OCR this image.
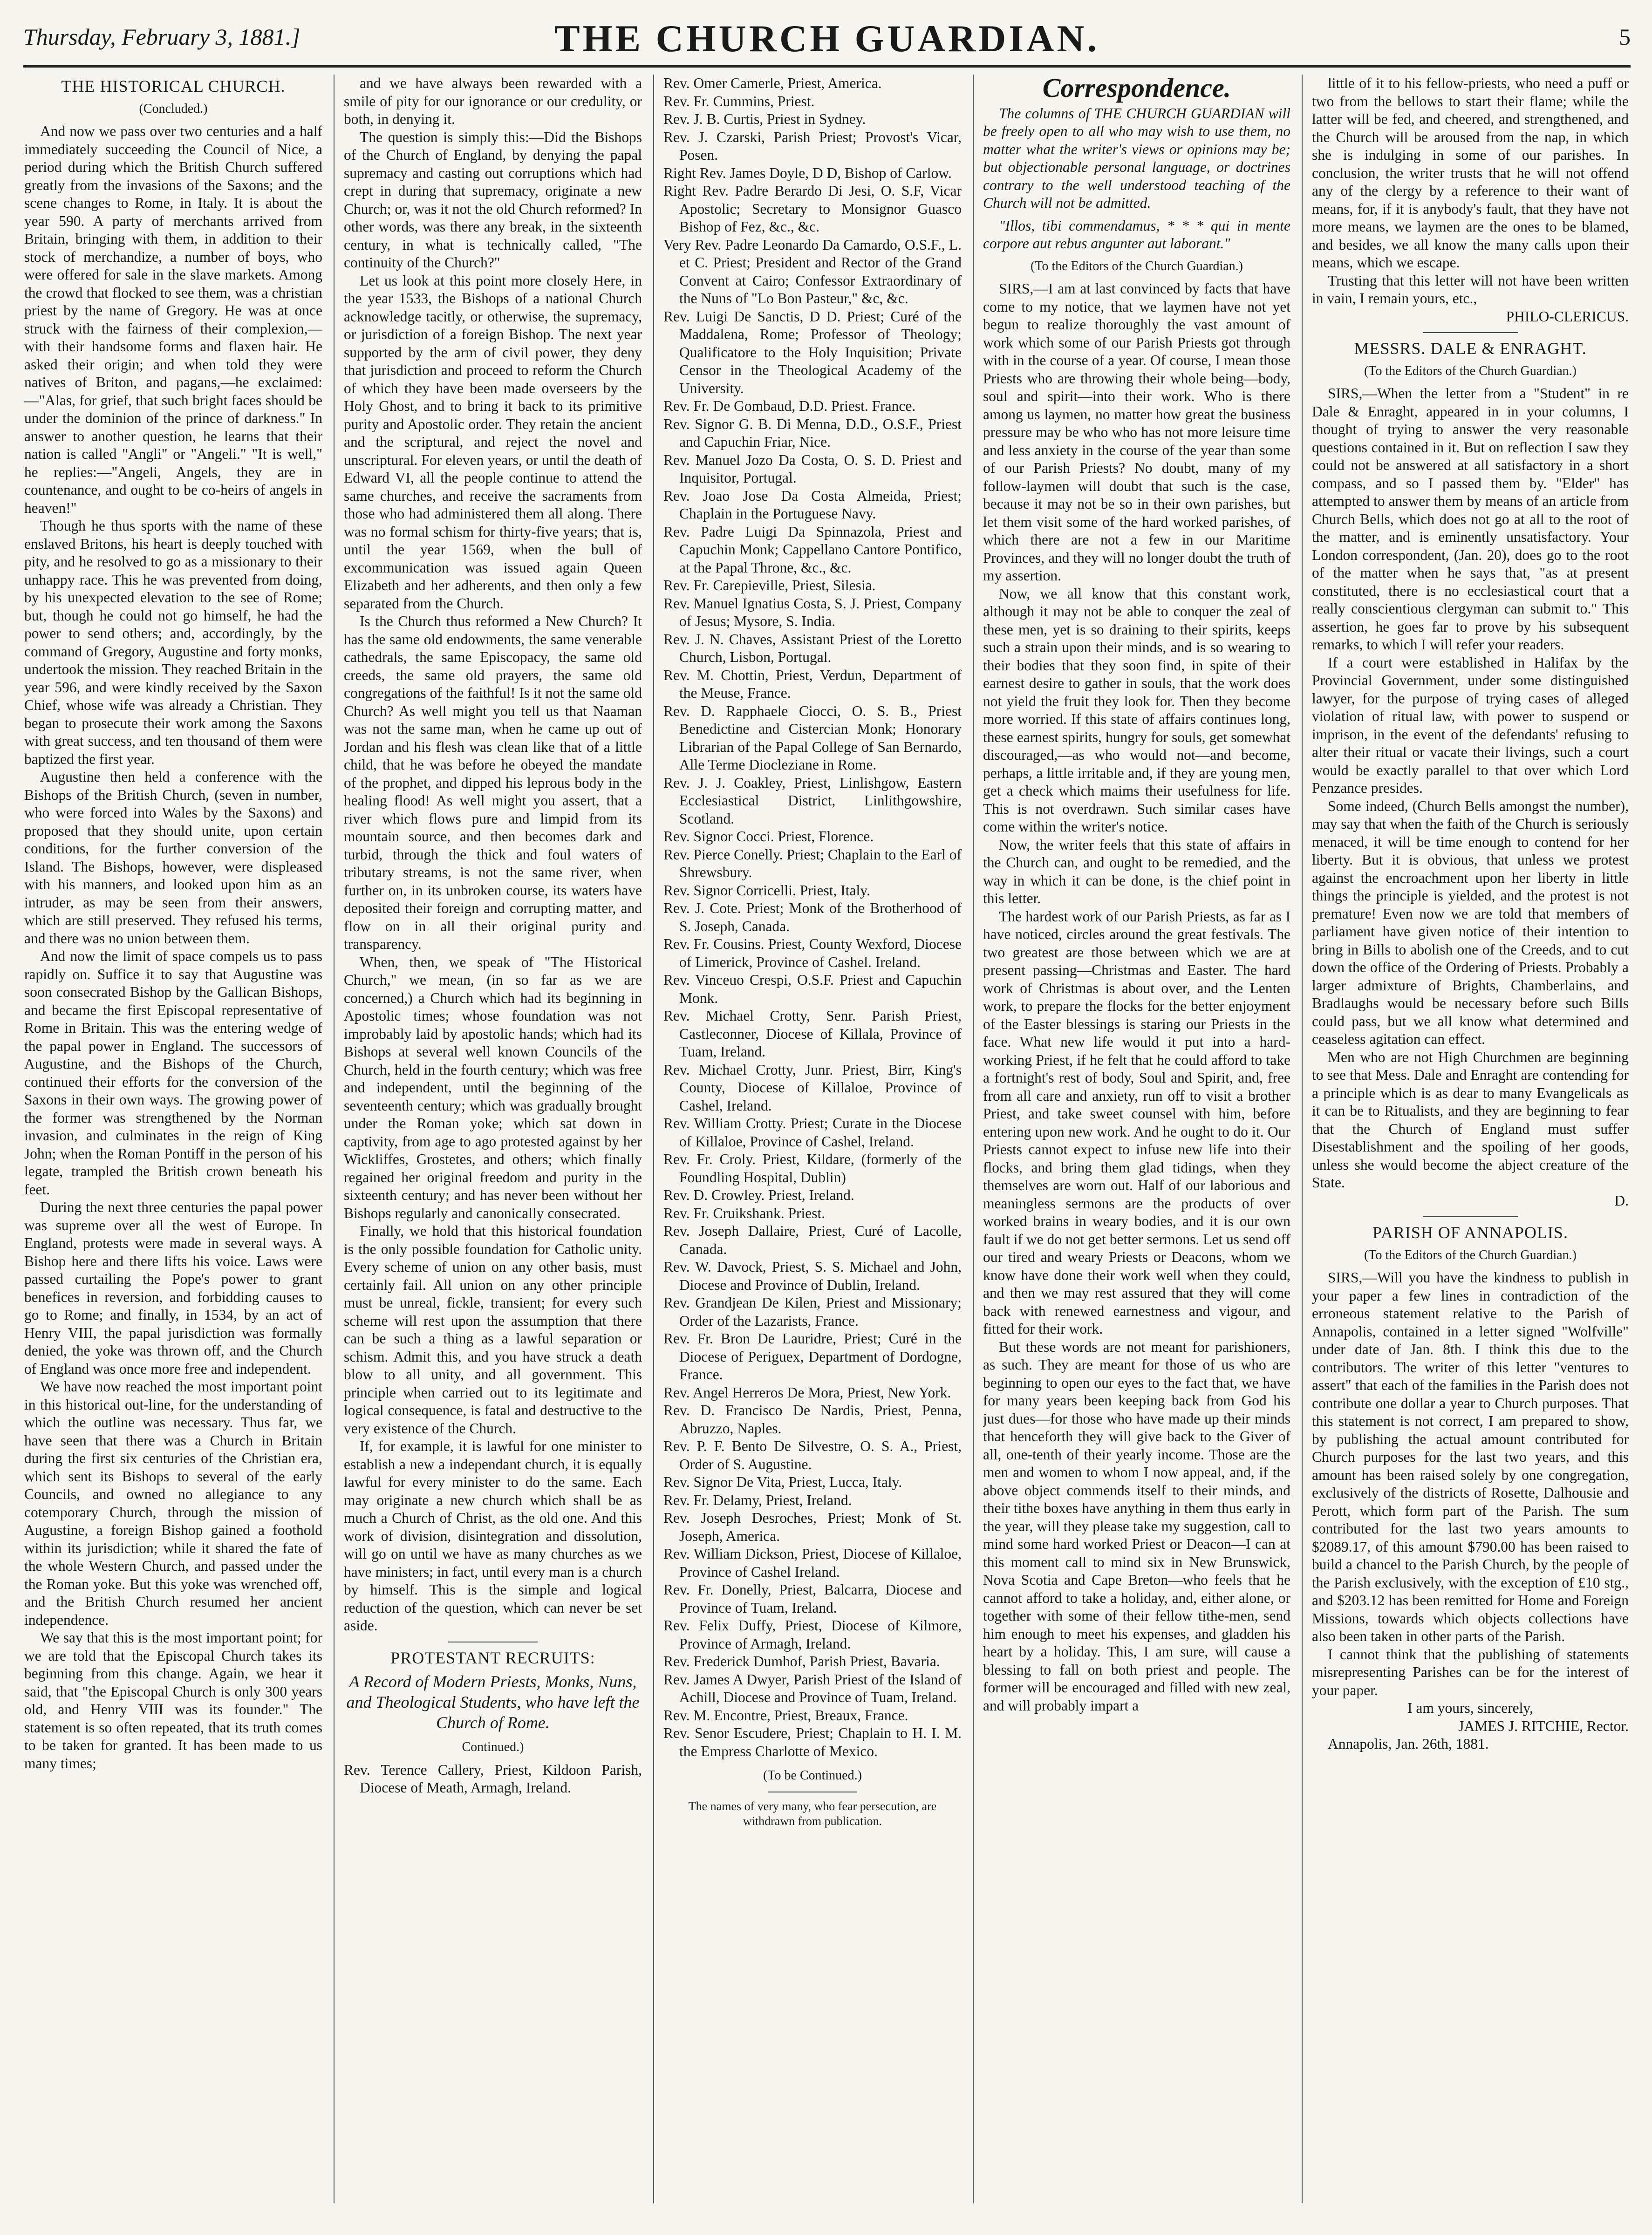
Thursday, February 3, 1881.]	THE CHURCH GUARDIAN.	5
THE HISTORICAL CHURCH.
(Concluded.)

And now we pass over two centuries and a half immediately succeeding the Council of Nice, a period during which the British Church suffered greatly from the invasions of the Saxons; and the scene changes to Rome, in Italy. It is about the year 590. A party of merchants arrived from Britain, bringing with them, in addition to their stock of merchandize, a number of boys, who were offered for sale in the slave markets. Among the crowd that flocked to see them, was a christian priest by the name of Gregory. He was at once struck with the fairness of their complexion,—with their handsome forms and flaxen hair. He asked their origin; and when told they were natives of Briton, and pagans,—he exclaimed:—"Alas, for grief, that such bright faces should be under the dominion of the prince of darkness." In answer to another question, he learns that their nation is called "Angli" or "Angeli." "It is well," he replies:—"Angeli, Angels, they are in countenance, and ought to be co-heirs of angels in heaven!"

Though he thus sports with the name of these enslaved Britons, his heart is deeply touched with pity, and he resolved to go as a missionary to their unhappy race. This he was prevented from doing, by his unexpected elevation to the see of Rome; but, though he could not go himself, he had the power to send others; and, accordingly, by the command of Gregory, Augustine and forty monks, undertook the mission. They reached Britain in the year 596, and were kindly received by the Saxon Chief, whose wife was already a Christian. They began to prosecute their work among the Saxons with great success, and ten thousand of them were baptized the first year.

Augustine then held a conference with the Bishops of the British Church, (seven in number, who were forced into Wales by the Saxons) and proposed that they should unite, upon certain conditions, for the further conversion of the Island. The Bishops, however, were displeased with his manners, and looked upon him as an intruder, as may be seen from their answers, which are still preserved. They refused his terms, and there was no union between them.

And now the limit of space compels us to pass rapidly on. Suffice it to say that Augustine was soon consecrated Bishop by the Gallican Bishops, and became the first Episcopal representative of Rome in Britain. This was the entering wedge of the papal power in England. The successors of Augustine, and the Bishops of the Church, continued their efforts for the conversion of the Saxons in their own ways. The growing power of the former was strengthened by the Norman invasion, and culminates in the reign of King John; when the Roman Pontiff in the person of his legate, trampled the British crown beneath his feet.

During the next three centuries the papal power was supreme over all the west of Europe. In England, protests were made in several ways. A Bishop here and there lifts his voice. Laws were passed curtailing the Pope's power to grant benefices in reversion, and forbidding causes to go to Rome; and finally, in 1534, by an act of Henry VIII, the papal jurisdiction was formally denied, the yoke was thrown off, and the Church of England was once more free and independent.

We have now reached the most important point in this historical out-line, for the understanding of which the outline was necessary. Thus far, we have seen that there was a Church in Britain during the first six centuries of the Christian era, which sent its Bishops to several of the early Councils, and owned no allegiance to any cotemporary Church, through the mission of Augustine, a foreign Bishop gained a foothold within its jurisdiction; while it shared the fate of the whole Western Church, and passed under the the Roman yoke. But this yoke was wrenched off, and the British Church resumed her ancient independence.

We say that this is the most important point; for we are told that the Episcopal Church takes its beginning from this change. Again, we hear it said, that "the Episcopal Church is only 300 years old, and Henry VIII was its founder." The statement is so often repeated, that its truth comes to be taken for granted. It has been made to us many times;

and we have always been rewarded with a smile of pity for our ignorance or our credulity, or both, in denying it.

The question is simply this:—Did the Bishops of the Church of England, by denying the papal supremacy and casting out corruptions which had crept in during that supremacy, originate a new Church; or, was it not the old Church reformed? In other words, was there any break, in the sixteenth century, in what is technically called, "The continuity of the Church?"

Let us look at this point more closely Here, in the year 1533, the Bishops of a national Church acknowledge tacitly, or otherwise, the supremacy, or jurisdiction of a foreign Bishop. The next year supported by the arm of civil power, they deny that jurisdiction and proceed to reform the Church of which they have been made overseers by the Holy Ghost, and to bring it back to its primitive purity and Apostolic order. They retain the ancient and the scriptural, and reject the novel and unscriptural. For eleven years, or until the death of Edward VI, all the people continue to attend the same churches, and receive the sacraments from those who had administered them all along. There was no formal schism for thirty-five years; that is, until the year 1569, when the bull of excommunication was issued again Queen Elizabeth and her adherents, and then only a few separated from the Church.

Is the Church thus reformed a New Church? It has the same old endowments, the same venerable cathedrals, the same Episcopacy, the same old creeds, the same old prayers, the same old congregations of the faithful! Is it not the same old Church? As well might you tell us that Naaman was not the same man, when he came up out of Jordan and his flesh was clean like that of a little child, that he was before he obeyed the mandate of the prophet, and dipped his leprous body in the healing flood! As well might you assert, that a river which flows pure and limpid from its mountain source, and then becomes dark and turbid, through the thick and foul waters of tributary streams, is not the same river, when further on, in its unbroken course, its waters have deposited their foreign and corrupting matter, and flow on in all their original purity and transparency.

When, then, we speak of "The Historical Church," we mean, (in so far as we are concerned,) a Church which had its beginning in Apostolic times; whose foundation was not improbably laid by apostolic hands; which had its Bishops at several well known Councils of the Church, held in the fourth century; which was free and independent, until the beginning of the seventeenth century; which was gradually brought under the Roman yoke; which sat down in captivity, from age to ago protested against by her Wickliffes, Grostetes, and others; which finally regained her original freedom and purity in the sixteenth century; and has never been without her Bishops regularly and canonically consecrated.

Finally, we hold that this historical foundation is the only possible foundation for Catholic unity. Every scheme of union on any other basis, must certainly fail. All union on any other principle must be unreal, fickle, transient; for every such scheme will rest upon the assumption that there can be such a thing as a lawful separation or schism. Admit this, and you have struck a death blow to all unity, and all government. This principle when carried out to its legitimate and logical consequence, is fatal and destructive to the very existence of the Church.

If, for example, it is lawful for one minister to establish a new a independant church, it is equally lawful for every minister to do the same. Each may originate a new church which shall be as much a Church of Christ, as the old one. And this work of division, disintegration and dissolution, will go on until we have as many churches as we have ministers; in fact, until every man is a church by himself. This is the simple and logical reduction of the question, which can never be set aside.

PROTESTANT RECRUITS:
A Record of Modern Priests, Monks, Nuns, and Theological Students, who have left the Church of Rome.
Continued.)

Rev. Terence Callery, Priest, Kildoon Parish, Diocese of Meath, Armagh, Ireland.

Rev. Omer Camerle, Priest, America.

Rev. Fr. Cummins, Priest.

Rev. J. B. Curtis, Priest in Sydney.

Rev. J. Czarski, Parish Priest; Provost's Vicar, Posen.

Right Rev. James Doyle, D D, Bishop of Carlow.

Right Rev. Padre Berardo Di Jesi, O. S.F, Vicar Apostolic; Secretary to Monsignor Guasco Bishop of Fez, &c., &c.

Very Rev. Padre Leonardo Da Camardo, O.S.F., L. et C. Priest; President and Rector of the Grand Convent at Cairo; Confessor Extraordinary of the Nuns of "Lo Bon Pasteur," &c, &c.

Rev. Luigi De Sanctis, D D. Priest; Curé of the Maddalena, Rome; Professor of Theology; Qualificatore to the Holy Inquisition; Private Censor in the Theological Academy of the University.

Rev. Fr. De Gombaud, D.D. Priest. France.

Rev. Signor G. B. Di Menna, D.D., O.S.F., Priest and Capuchin Friar, Nice.

Rev. Manuel Jozo Da Costa, O. S. D. Priest and Inquisitor, Portugal.

Rev. Joao Jose Da Costa Almeida, Priest; Chaplain in the Portuguese Navy.

Rev. Padre Luigi Da Spinnazola, Priest and Capuchin Monk; Cappellano Cantore Pontifico, at the Papal Throne, &c., &c.

Rev. Fr. Carepieville, Priest, Silesia.

Rev. Manuel Ignatius Costa, S. J. Priest, Company of Jesus; Mysore, S. India.

Rev. J. N. Chaves, Assistant Priest of the Loretto Church, Lisbon, Portugal.

Rev. M. Chottin, Priest, Verdun, Department of the Meuse, France.

Rev. D. Rapphaele Ciocci, O. S. B., Priest Benedictine and Cistercian Monk; Honorary Librarian of the Papal College of San Bernardo, Alle Terme Diocleziane in Rome.

Rev. J. J. Coakley, Priest, Linlishgow, Eastern Ecclesiastical District, Linlithgowshire, Scotland.

Rev. Signor Cocci. Priest, Florence.

Rev. Pierce Conelly. Priest; Chaplain to the Earl of Shrewsbury.

Rev. Signor Corricelli. Priest, Italy.

Rev. J. Cote. Priest; Monk of the Brotherhood of S. Joseph, Canada.

Rev. Fr. Cousins. Priest, County Wexford, Diocese of Limerick, Province of Cashel. Ireland.

Rev. Vinceuo Crespi, O.S.F. Priest and Capuchin Monk.

Rev. Michael Crotty, Senr. Parish Priest, Castleconner, Diocese of Killala, Province of Tuam, Ireland.

Rev. Michael Crotty, Junr. Priest, Birr, King's County, Diocese of Killaloe, Province of Cashel, Ireland.

Rev. William Crotty. Priest; Curate in the Diocese of Killaloe, Province of Cashel, Ireland.

Rev. Fr. Croly. Priest, Kildare, (formerly of the Foundling Hospital, Dublin)

Rev. D. Crowley. Priest, Ireland.

Rev. Fr. Cruikshank. Priest.

Rev. Joseph Dallaire, Priest, Curé of Lacolle, Canada.

Rev. W. Davock, Priest, S. S. Michael and John, Diocese and Province of Dublin, Ireland.

Rev. Grandjean De Kilen, Priest and Missionary; Order of the Lazarists, France.

Rev. Fr. Bron De Lauridre, Priest; Curé in the Diocese of Periguex, Department of Dordogne, France.

Rev. Angel Herreros De Mora, Priest, New York.

Rev. D. Francisco De Nardis, Priest, Penna, Abruzzo, Naples.

Rev. P. F. Bento De Silvestre, O. S. A., Priest, Order of S. Augustine.

Rev. Signor De Vita, Priest, Lucca, Italy.

Rev. Fr. Delamy, Priest, Ireland.

Rev. Joseph Desroches, Priest; Monk of St. Joseph, America.

Rev. William Dickson, Priest, Diocese of Killaloe, Province of Cashel Ireland.

Rev. Fr. Donelly, Priest, Balcarra, Diocese and Province of Tuam, Ireland.

Rev. Felix Duffy, Priest, Diocese of Kilmore, Province of Armagh, Ireland.

Rev. Frederick Dumhof, Parish Priest, Bavaria.

Rev. James A Dwyer, Parish Priest of the Island of Achill, Diocese and Province of Tuam, Ireland.

Rev. M. Encontre, Priest, Breaux, France.

Rev. Senor Escudere, Priest; Chaplain to H. I. M. the Empress Charlotte of Mexico.

(To be Continued.)

The names of very many, who fear persecution, are withdrawn from publication.

Correspondence.

The columns of THE CHURCH GUARDIAN will be freely open to all who may wish to use them, no matter what the writer's views or opinions may be; but objectionable personal language, or doctrines contrary to the well understood teaching of the Church will not be admitted.

"Illos, tibi commendamus, * * * qui in mente corpore aut rebus angunter aut laborant."

(To the Editors of the Church Guardian.)

SIRS,—I am at last convinced by facts that have come to my notice, that we laymen have not yet begun to realize thoroughly the vast amount of work which some of our Parish Priests got through with in the course of a year. Of course, I mean those Priests who are throwing their whole being—body, soul and spirit—into their work. Who is there among us laymen, no matter how great the business pressure may be who who has not more leisure time and less anxiety in the course of the year than some of our Parish Priests? No doubt, many of my follow-laymen will doubt that such is the case, because it may not be so in their own parishes, but let them visit some of the hard worked parishes, of which there are not a few in our Maritime Provinces, and they will no longer doubt the truth of my assertion.

Now, we all know that this constant work, although it may not be able to conquer the zeal of these men, yet is so draining to their spirits, keeps such a strain upon their minds, and is so wearing to their bodies that they soon find, in spite of their earnest desire to gather in souls, that the work does not yield the fruit they look for. Then they become more worried. If this state of affairs continues long, these earnest spirits, hungry for souls, get somewhat discouraged,—as who would not—and become, perhaps, a little irritable and, if they are young men, get a check which maims their usefulness for life. This is not overdrawn. Such similar cases have come within the writer's notice.

Now, the writer feels that this state of affairs in the Church can, and ought to be remedied, and the way in which it can be done, is the chief point in this letter.

The hardest work of our Parish Priests, as far as I have noticed, circles around the great festivals. The two greatest are those between which we are at present passing—Christmas and Easter. The hard work of Christmas is about over, and the Lenten work, to prepare the flocks for the better enjoyment of the Easter blessings is staring our Priests in the face. What new life would it put into a hard-working Priest, if he felt that he could afford to take a fortnight's rest of body, Soul and Spirit, and, free from all care and anxiety, run off to visit a brother Priest, and take sweet counsel with him, before entering upon new work. And he ought to do it. Our Priests cannot expect to infuse new life into their flocks, and bring them glad tidings, when they themselves are worn out. Half of our laborious and meaningless sermons are the products of over worked brains in weary bodies, and it is our own fault if we do not get better sermons. Let us send off our tired and weary Priests or Deacons, whom we know have done their work well when they could, and then we may rest assured that they will come back with renewed earnestness and vigour, and fitted for their work.

But these words are not meant for parishioners, as such. They are meant for those of us who are beginning to open our eyes to the fact that, we have for many years been keeping back from God his just dues—for those who have made up their minds that henceforth they will give back to the Giver of all, one-tenth of their yearly income. Those are the men and women to whom I now appeal, and, if the above object commends itself to their minds, and their tithe boxes have anything in them thus early in the year, will they please take my suggestion, call to mind some hard worked Priest or Deacon—I can at this moment call to mind six in New Brunswick, Nova Scotia and Cape Breton—who feels that he cannot afford to take a holiday, and, either alone, or together with some of their fellow tithe-men, send him enough to meet his expenses, and gladden his heart by a holiday. This, I am sure, will cause a blessing to fall on both priest and people. The former will be encouraged and filled with new zeal, and will probably impart a

little of it to his fellow-priests, who need a puff or two from the bellows to start their flame; while the latter will be fed, and cheered, and strengthened, and the Church will be aroused from the nap, in which she is indulging in some of our parishes. In conclusion, the writer trusts that he will not offend any of the clergy by a reference to their want of means, for, if it is anybody's fault, that they have not more means, we laymen are the ones to be blamed, and besides, we all know the many calls upon their means, which we escape.

Trusting that this letter will not have been written in vain, I remain yours, etc.,

PHILO-CLERICUS.

MESSRS. DALE & ENRAGHT.
(To the Editors of the Church Guardian.)

SIRS,—When the letter from a "Student" in re Dale & Enraght, appeared in in your columns, I thought of trying to answer the very reasonable questions contained in it. But on reflection I saw they could not be answered at all satisfactory in a short compass, and so I passed them by. "Elder" has attempted to answer them by means of an article from Church Bells, which does not go at all to the root of the matter, and is eminently unsatisfactory. Your London correspondent, (Jan. 20), does go to the root of the matter when he says that, "as at present constituted, there is no ecclesiastical court that a really conscientious clergyman can submit to." This assertion, he goes far to prove by his subsequent remarks, to which I will refer your readers.

If a court were established in Halifax by the Provincial Government, under some distinguished lawyer, for the purpose of trying cases of alleged violation of ritual law, with power to suspend or imprison, in the event of the defendants' refusing to alter their ritual or vacate their livings, such a court would be exactly parallel to that over which Lord Penzance presides.

Some indeed, (Church Bells amongst the number), may say that when the faith of the Church is seriously menaced, it will be time enough to contend for her liberty. But it is obvious, that unless we protest against the encroachment upon her liberty in little things the principle is yielded, and the protest is not premature! Even now we are told that members of parliament have given notice of their intention to bring in Bills to abolish one of the Creeds, and to cut down the office of the Ordering of Priests. Probably a larger admixture of Brights, Chamberlains, and Bradlaughs would be necessary before such Bills could pass, but we all know what determined and ceaseless agitation can effect.

Men who are not High Churchmen are beginning to see that Mess. Dale and Enraght are contending for a principle which is as dear to many Evangelicals as it can be to Ritualists, and they are beginning to fear that the Church of England must suffer Disestablishment and the spoiling of her goods, unless she would become the abject creature of the State.

D.

PARISH OF ANNAPOLIS.
(To the Editors of the Church Guardian.)

SIRS,—Will you have the kindness to publish in your paper a few lines in contradiction of the erroneous statement relative to the Parish of Annapolis, contained in a letter signed "Wolfville" under date of Jan. 8th. I think this due to the contributors. The writer of this letter "ventures to assert" that each of the families in the Parish does not contribute one dollar a year to Church purposes. That this statement is not correct, I am prepared to show, by publishing the actual amount contributed for Church purposes for the last two years, and this amount has been raised solely by one congregation, exclusively of the districts of Rosette, Dalhousie and Perott, which form part of the Parish. The sum contributed for the last two years amounts to $2089.17, of this amount $790.00 has been raised to build a chancel to the Parish Church, by the people of the Parish exclusively, with the exception of £10 stg., and $203.12 has been remitted for Home and Foreign Missions, towards which objects collections have also been taken in other parts of the Parish.

I cannot think that the publishing of statements misrepresenting Parishes can be for the interest of your paper.

I am yours, sincerely,

JAMES J. RITCHIE, Rector.

Annapolis, Jan. 26th, 1881.
